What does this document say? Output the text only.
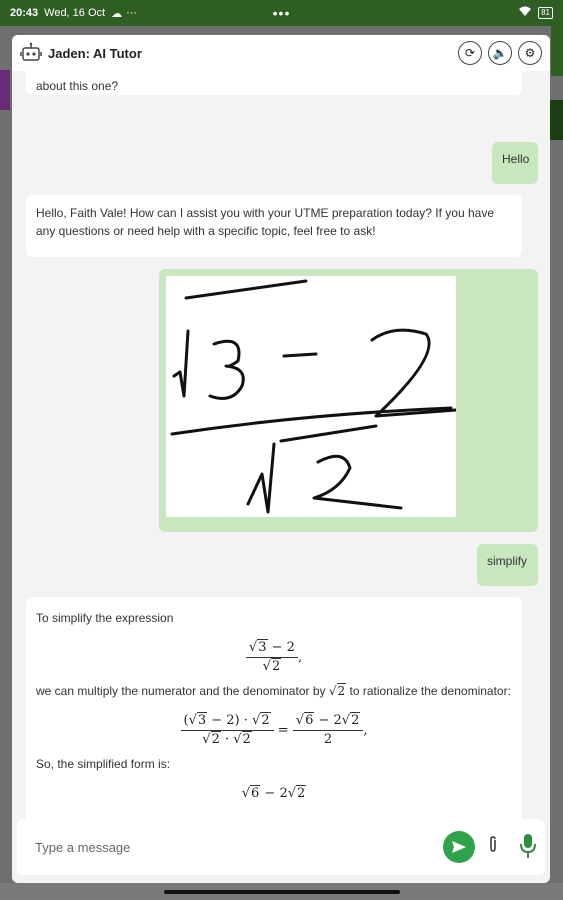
20:43 Wed, 16 Oct ☁ ···	•••	81
Jaden: AI Tutor	⟳ 🔉 ⚙
about this one?
Hello
Hello, Faith Vale! How can I assist you with your UTME preparation today? If you have any questions or need help with a specific topic, feel free to ask!
simplify
To simplify the expression
$\frac{√3 - 2}{√2}$ ,
we can multiply the numerator and the denominator by √2 to rationalize the denominator:
$\frac{(√3 - 2) \cdot √2}{√2 \cdot √2} = \frac{√6 - 2√2}{2}$ ,
So, the simplified form is:
√6 − 2√2
Type a message
